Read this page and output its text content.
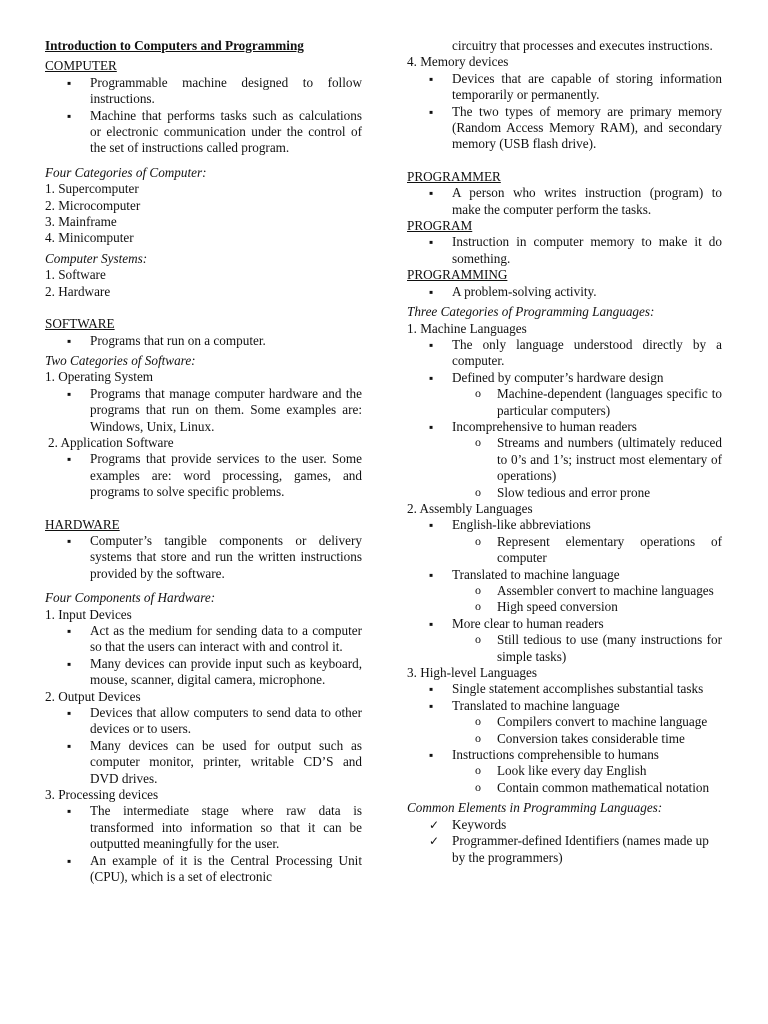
Introduction to Computers and Programming

COMPUTER

▪ Programmable machine designed to follow instructions.
▪ Machine that performs tasks such as calculations or electronic communication under the control of the set of instructions called program.

Four Categories of Computer:

1. Supercomputer

2. Microcomputer

3. Mainframe

4. Minicomputer

Computer Systems:

1. Software

2. Hardware

SOFTWARE

▪ Programs that run on a computer.

Two Categories of Software:

1. Operating System

▪ Programs that manage computer hardware and the programs that run on them. Some examples are: Windows, Unix, Linux.

2. Application Software

▪ Programs that provide services to the user. Some examples are: word processing, games, and programs to solve specific problems.

HARDWARE

▪ Computer’s tangible components or delivery systems that store and run the written instructions provided by the software.

Four Components of Hardware:

1. Input Devices

▪ Act as the medium for sending data to a computer so that the users can interact with and control it.
▪ Many devices can provide input such as keyboard, mouse, scanner, digital camera, microphone.

2. Output Devices

▪ Devices that allow computers to send data to other devices or to users.
▪ Many devices can be used for output such as computer monitor, printer, writable CD’S and DVD drives.

3. Processing devices

▪ The intermediate stage where raw data is transformed into information so that it can be outputted meaningfully for the user.
▪ An example of it is the Central Processing Unit (CPU), which is a set of electronic

circuitry that processes and executes instructions.

4. Memory devices

▪ Devices that are capable of storing information temporarily or permanently.
▪ The two types of memory are primary memory (Random Access Memory RAM), and secondary memory (USB flash drive).

PROGRAMMER

▪ A person who writes instruction (program) to make the computer perform the tasks.

PROGRAM

▪ Instruction in computer memory to make it do something.

PROGRAMMING

▪ A problem-solving activity.

Three Categories of Programming Languages:

1. Machine Languages

▪ The only language understood directly by a computer.
▪ Defined by computer’s hardware design
o Machine-dependent (languages specific to particular computers)
▪ Incomprehensive to human readers
o Streams and numbers (ultimately reduced to 0’s and 1’s; instruct most elementary of operations)
o Slow tedious and error prone

2. Assembly Languages

▪ English-like abbreviations
o Represent elementary operations of computer
▪ Translated to machine language
o Assembler convert to machine languages
o High speed conversion
▪ More clear to human readers
o Still tedious to use (many instructions for simple tasks)

3. High-level Languages

▪ Single statement accomplishes substantial tasks
▪ Translated to machine language
o Compilers convert to machine language
o Conversion takes considerable time
▪ Instructions comprehensible to humans
o Look like every day English
o Contain common mathematical notation

Common Elements in Programming Languages:

✓ Keywords
✓ Programmer-defined Identifiers (names made up by the programmers)
